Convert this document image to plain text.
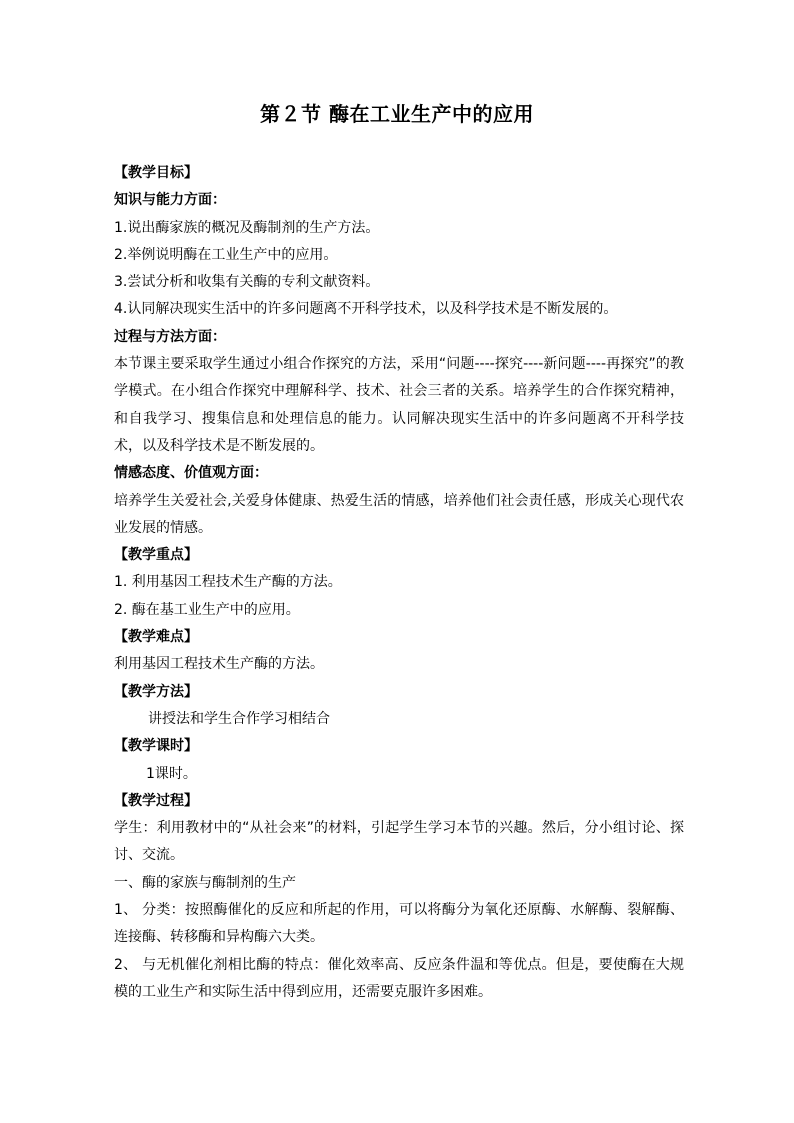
第２节 酶在工业生产中的应用
【教学目标】
知识与能力方面：
1.说出酶家族的概况及酶制剂的生产方法。
2.举例说明酶在工业生产中的应用。
3.尝试分析和收集有关酶的专利文献资料。
4.认同解决现实生活中的许多问题离不开科学技术，以及科学技术是不断发展的。
过程与方法方面：
本节课主要采取学生通过小组合作探究的方法，采用“问题----探究----新问题----再探究”的教学模式。在小组合作探究中理解科学、技术、社会三者的关系。培养学生的合作探究精神，和自我学习、搜集信息和处理信息的能力。认同解决现实生活中的许多问题离不开科学技术，以及科学技术是不断发展的。
情感态度、价值观方面：
培养学生关爱社会,关爱身体健康、热爱生活的情感，培养他们社会责任感，形成关心现代农业发展的情感。
【教学重点】
1. 利用基因工程技术生产酶的方法。
2. 酶在基工业生产中的应用。
【教学难点】
利用基因工程技术生产酶的方法。
【教学方法】
讲授法和学生合作学习相结合
【教学课时】
1课时。
【教学过程】
学生：利用教材中的“从社会来”的材料，引起学生学习本节的兴趣。然后，分小组讨论、探讨、交流。
一、酶的家族与酶制剂的生产
1、 分类：按照酶催化的反应和所起的作用，可以将酶分为氧化还原酶、水解酶、裂解酶、连接酶、转移酶和异构酶六大类。
2、 与无机催化剂相比酶的特点：催化效率高、反应条件温和等优点。但是，要使酶在大规模的工业生产和实际生活中得到应用，还需要克服许多困难。
